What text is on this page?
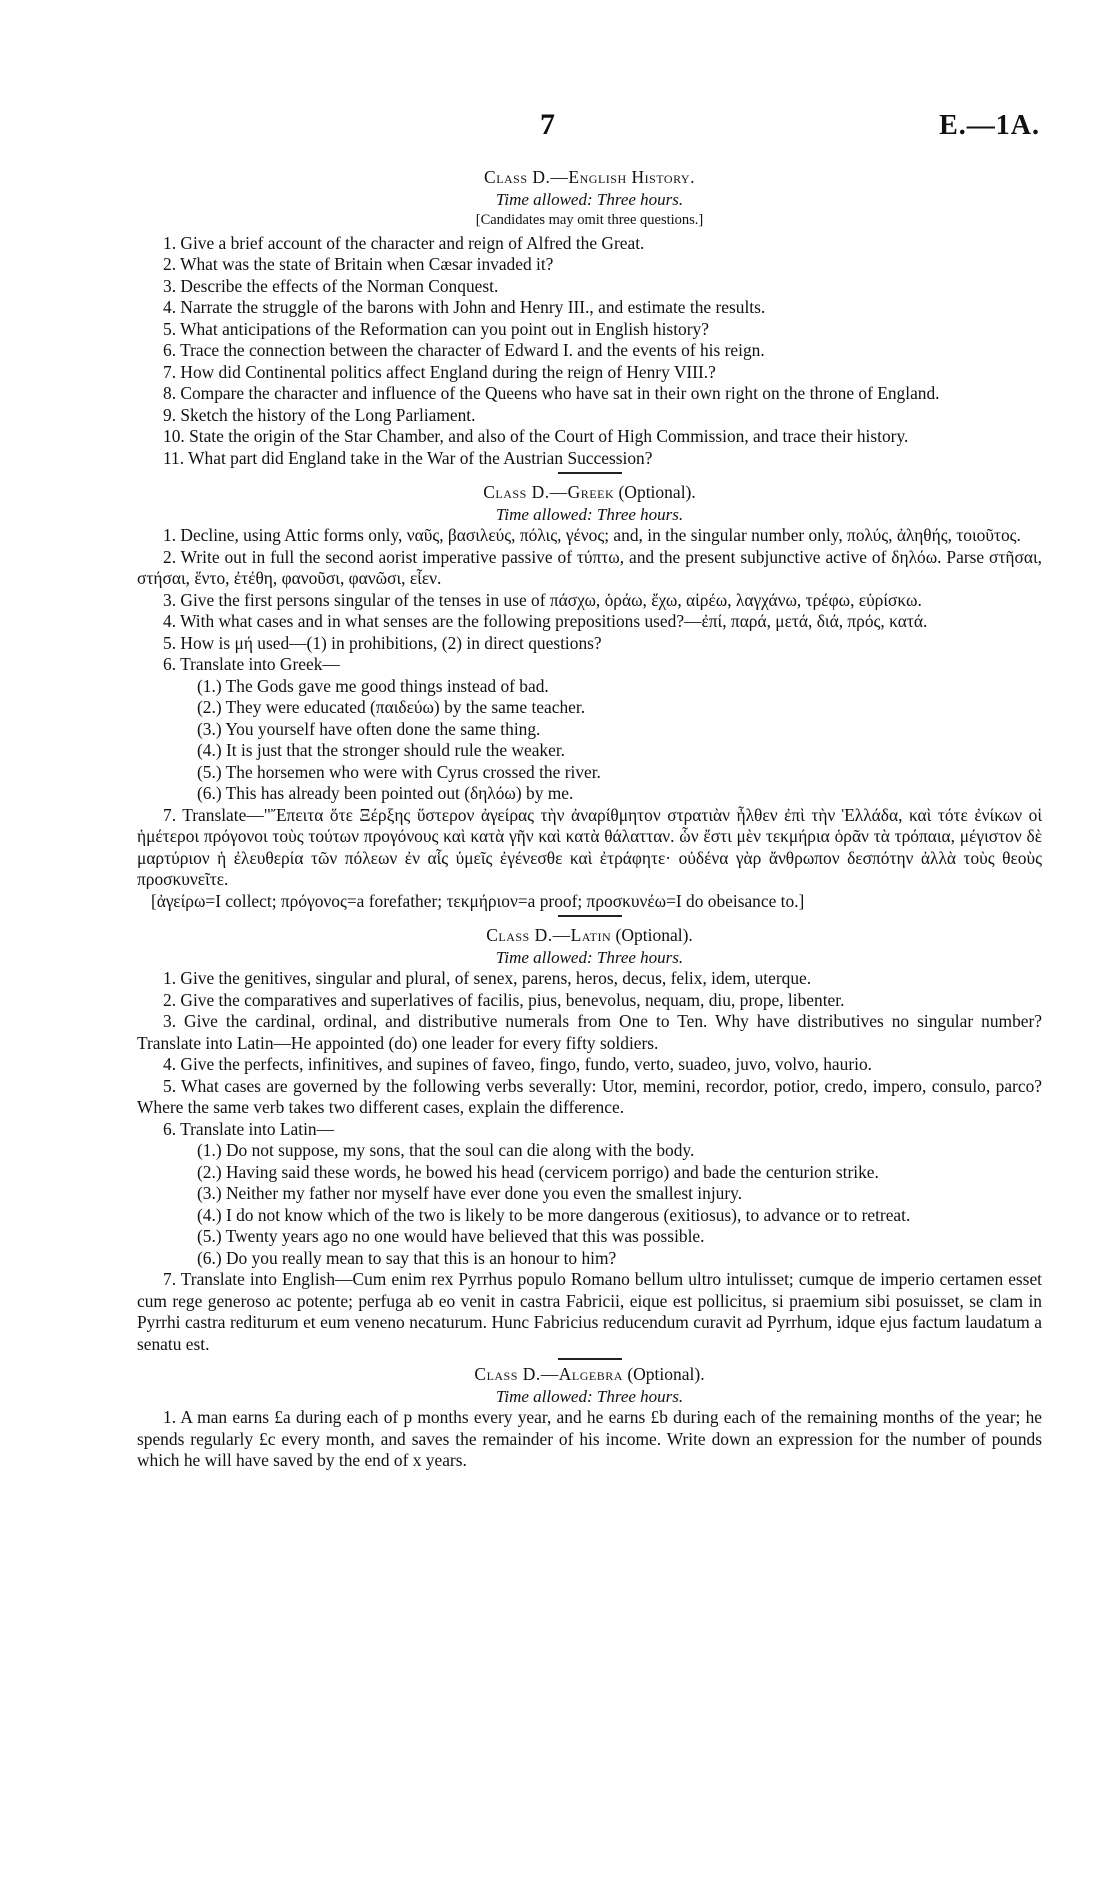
7	E.—1A.
Class D.—English History.
Time allowed: Three hours.
[Candidates may omit three questions.]

1. Give a brief account of the character and reign of Alfred the Great.

2. What was the state of Britain when Cæsar invaded it?

3. Describe the effects of the Norman Conquest.

4. Narrate the struggle of the barons with John and Henry III., and estimate the results.

5. What anticipations of the Reformation can you point out in English history?

6. Trace the connection between the character of Edward I. and the events of his reign.

7. How did Continental politics affect England during the reign of Henry VIII.?

8. Compare the character and influence of the Queens who have sat in their own right on the throne of England.

9. Sketch the history of the Long Parliament.

10. State the origin of the Star Chamber, and also of the Court of High Commission, and trace their history.

11. What part did England take in the War of the Austrian Succession?

Class D.—Greek (Optional).
Time allowed: Three hours.

1. Decline, using Attic forms only, ναῦς, βασιλεύς, πόλις, γένος; and, in the singular number only, πολύς, ἀληθής, τοιοῦτος.

2. Write out in full the second aorist imperative passive of τύπτω, and the present subjunctive active of δηλόω. Parse στῆσαι, στήσαι, ἕντο, ἐτέθη, φανοῦσι, φανῶσι, εἶεν.

3. Give the first persons singular of the tenses in use of πάσχω, ὁράω, ἔχω, αἱρέω, λαγχάνω, τρέφω, εὑρίσκω.

4. With what cases and in what senses are the following prepositions used?—ἐπί, παρά, μετά, διά, πρός, κατά.

5. How is μή used—(1) in prohibitions, (2) in direct questions?

6. Translate into Greek—

(1.) The Gods gave me good things instead of bad.

(2.) They were educated (παιδεύω) by the same teacher.

(3.) You yourself have often done the same thing.

(4.) It is just that the stronger should rule the weaker.

(5.) The horsemen who were with Cyrus crossed the river.

(6.) This has already been pointed out (δηλόω) by me.

7. Translate—"Ἔπειτα ὅτε Ξέρξης ὕστερον ἀγείρας τὴν ἀναρίθμητον στρατιὰν ἦλθεν ἐπὶ τὴν Ἑλλάδα, καὶ τότε ἐνίκων οἱ ἡμέτεροι πρόγονοι τοὺς τούτων προγόνους καὶ κατὰ γῆν καὶ κατὰ θάλατταν. ὧν ἔστι μὲν τεκμήρια ὁρᾶν τὰ τρόπαια, μέγιστον δὲ μαρτύριον ἡ ἐλευθερία τῶν πόλεων ἐν αἷς ὑμεῖς ἐγένεσθε καὶ ἐτράφητε· οὐδένα γὰρ ἄνθρωπον δεσπότην ἀλλὰ τοὺς θεοὺς προσκυνεῖτε.

[ἀγείρω=I collect; πρόγονος=a forefather; τεκμήριον=a proof; προσκυνέω=I do obeisance to.]

Class D.—Latin (Optional).
Time allowed: Three hours.

1. Give the genitives, singular and plural, of senex, parens, heros, decus, felix, idem, uterque.

2. Give the comparatives and superlatives of facilis, pius, benevolus, nequam, diu, prope, libenter.

3. Give the cardinal, ordinal, and distributive numerals from One to Ten. Why have distributives no singular number? Translate into Latin—He appointed (do) one leader for every fifty soldiers.

4. Give the perfects, infinitives, and supines of faveo, fingo, fundo, verto, suadeo, juvo, volvo, haurio.

5. What cases are governed by the following verbs severally: Utor, memini, recordor, potior, credo, impero, consulo, parco? Where the same verb takes two different cases, explain the difference.

6. Translate into Latin—

(1.) Do not suppose, my sons, that the soul can die along with the body.

(2.) Having said these words, he bowed his head (cervicem porrigo) and bade the centurion strike.

(3.) Neither my father nor myself have ever done you even the smallest injury.

(4.) I do not know which of the two is likely to be more dangerous (exitiosus), to advance or to retreat.

(5.) Twenty years ago no one would have believed that this was possible.

(6.) Do you really mean to say that this is an honour to him?

7. Translate into English—Cum enim rex Pyrrhus populo Romano bellum ultro intulisset; cumque de imperio certamen esset cum rege generoso ac potente; perfuga ab eo venit in castra Fabricii, eique est pollicitus, si praemium sibi posuisset, se clam in Pyrrhi castra rediturum et eum veneno necaturum. Hunc Fabricius reducendum curavit ad Pyrrhum, idque ejus factum laudatum a senatu est.

Class D.—Algebra (Optional).
Time allowed: Three hours.

1. A man earns £a during each of p months every year, and he earns £b during each of the remaining months of the year; he spends regularly £c every month, and saves the remainder of his income. Write down an expression for the number of pounds which he will have saved by the end of x years.
